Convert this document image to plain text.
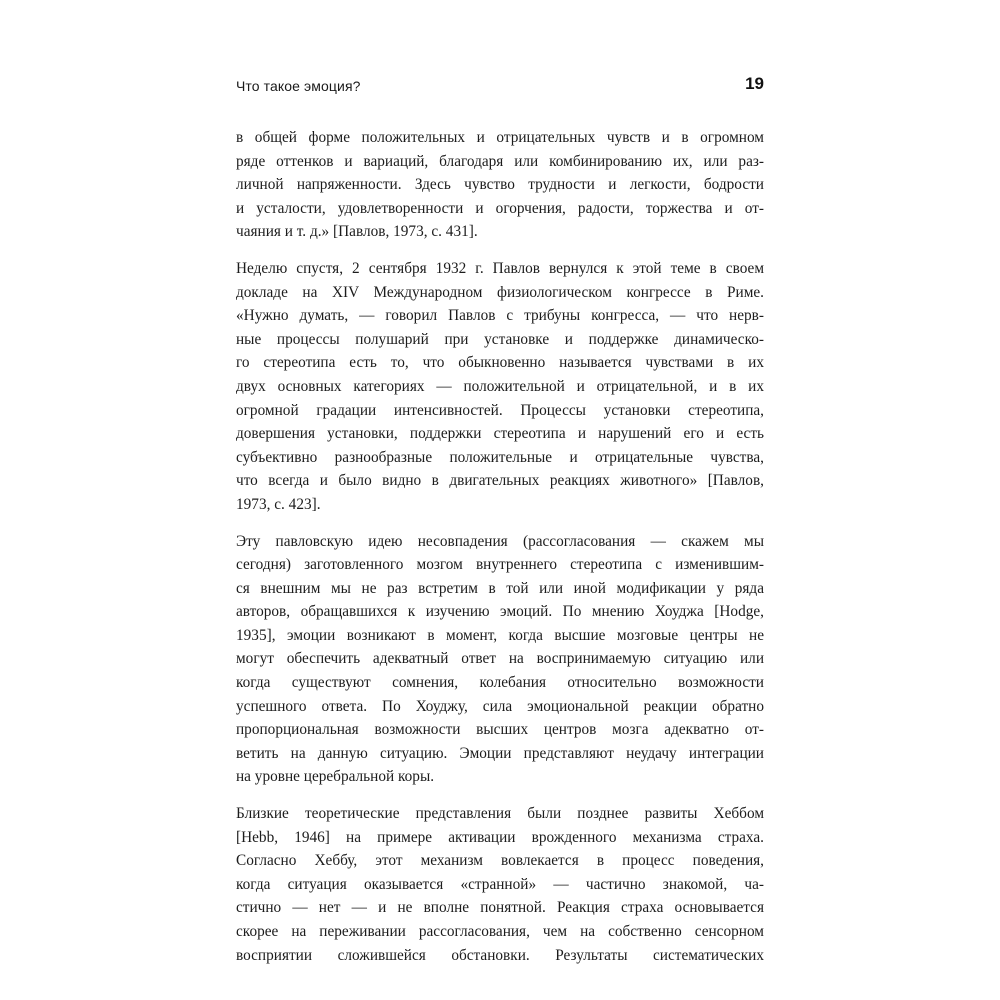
Что такое эмоция?	19

в общей форме положительных и отрицательных чувств и в огромном
ряде оттенков и вариаций, благодаря или комбинированию их, или раз-
личной напряженности. Здесь чувство трудности и легкости, бодрости
и усталости, удовлетворенности и огорчения, радости, торжества и от-
чаяния и т. д.» [Павлов, 1973, с. 431].

Неделю спустя, 2 сентября 1932 г. Павлов вернулся к этой теме в своем
докладе на XIV Международном физиологическом конгрессе в Риме.
«Нужно думать, — говорил Павлов с трибуны конгресса, — что нерв-
ные процессы полушарий при установке и поддержке динамическо-
го стереотипа есть то, что обыкновенно называется чувствами в их
двух основных категориях — положительной и отрицательной, и в их
огромной градации интенсивностей. Процессы установки стереотипа,
довершения установки, поддержки стереотипа и нарушений его и есть
субъективно разнообразные положительные и отрицательные чувства,
что всегда и было видно в двигательных реакциях животного» [Павлов,
1973, с. 423].

Эту павловскую идею несовпадения (рассогласования — скажем мы
сегодня) заготовленного мозгом внутреннего стереотипа с изменившим-
ся внешним мы не раз встретим в той или иной модификации у ряда
авторов, обращавшихся к изучению эмоций. По мнению Хоуджа [Hodge,
1935], эмоции возникают в момент, когда высшие мозговые центры не
могут обеспечить адекватный ответ на воспринимаемую ситуацию или
когда существуют сомнения, колебания относительно возможности
успешного ответа. По Хоуджу, сила эмоциональной реакции обратно
пропорциональная возможности высших центров мозга адекватно от-
ветить на данную ситуацию. Эмоции представляют неудачу интеграции
на уровне церебральной коры.

Близкие теоретические представления были позднее развиты Хеббом
[Hebb, 1946] на примере активации врожденного механизма страха.
Согласно Хеббу, этот механизм вовлекается в процесс поведения,
когда ситуация оказывается «странной» — частично знакомой, ча-
стично — нет — и не вполне понятной. Реакция страха основывается
скорее на переживании рассогласования, чем на собственно сенсорном
восприятии сложившейся обстановки. Результаты систематических
